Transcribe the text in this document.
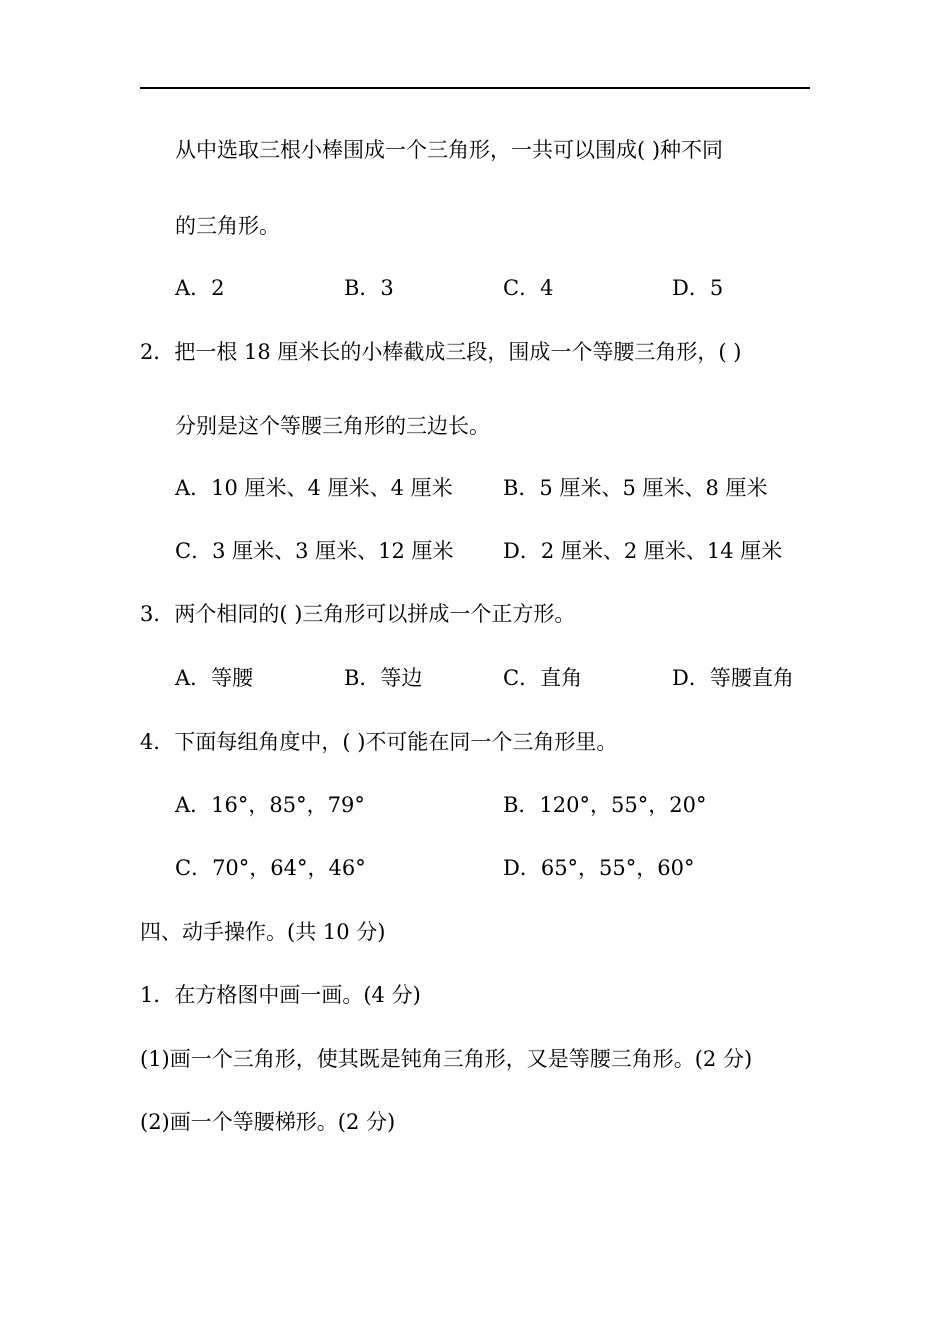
从中选取三根小棒围成一个三角形，一共可以围成( )种不同
的三角形。
A．2	B．3	C．4	D．5
2．把一根 18 厘米长的小棒截成三段，围成一个等腰三角形，( )
分别是这个等腰三角形的三边长。
A．10 厘米、4 厘米、4 厘米 B．5 厘米、5 厘米、8 厘米
C．3 厘米、3 厘米、12 厘米 D．2 厘米、2 厘米、14 厘米
3．两个相同的( )三角形可以拼成一个正方形。
A．等腰	B．等边	C．直角	D．等腰直角
4．下面每组角度中，( )不可能在同一个三角形里。
A．16°，85°，79°	B．120°，55°，20°
C．70°，64°，46°	D．65°，55°，60°
四、动手操作。(共 10 分)
1．在方格图中画一画。(4 分)
(1)画一个三角形，使其既是钝角三角形，又是等腰三角形。(2 分)
(2)画一个等腰梯形。(2 分)
